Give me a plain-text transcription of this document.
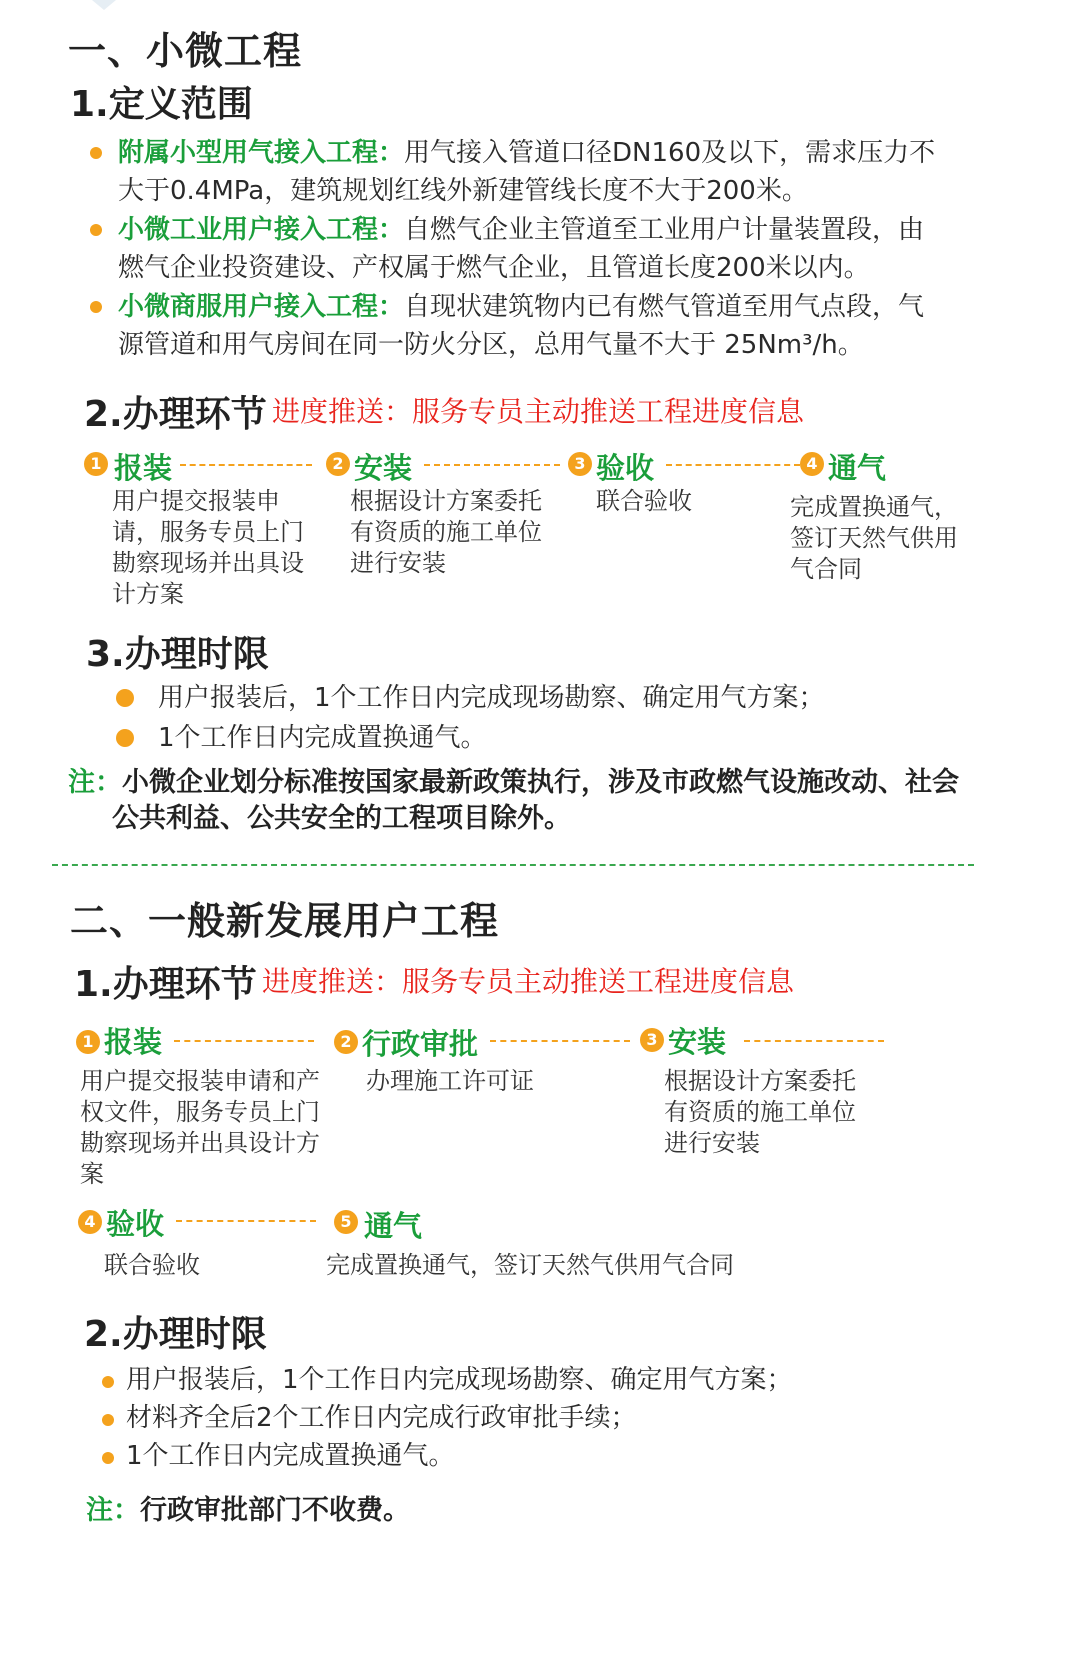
一、小微工程
1.定义范围
附属小型用气接入工程：用气接入管道口径DN160及以下，需求压力不
大于0.4MPa，建筑规划红线外新建管线长度不大于200米。
小微工业用户接入工程：自燃气企业主管道至工业用户计量装置段，由
燃气企业投资建设、产权属于燃气企业，且管道长度200米以内。
小微商服用户接入工程：自现状建筑物内已有燃气管道至用气点段，气
源管道和用气房间在同一防火分区，总用气量不大于 25Nm³/h。
2.办理环节 进度推送：服务专员主动推送工程进度信息
1 报装
用户提交报装申请，服务专员上门勘察现场并出具设计方案
2 安装
根据设计方案委托有资质的施工单位进行安装
3 验收
联合验收
4 通气
完成置换通气，签订天然气供用气合同
3.办理时限
用户报装后，1个工作日内完成现场勘察、确定用气方案；
1个工作日内完成置换通气。
注：小微企业划分标准按国家最新政策执行，涉及市政燃气设施改动、社会
公共利益、公共安全的工程项目除外。
二、一般新发展用户工程
1.办理环节 进度推送：服务专员主动推送工程进度信息
1 报装
用户提交报装申请和产权文件，服务专员上门勘察现场并出具设计方案
2 行政审批
办理施工许可证
3 安装
根据设计方案委托有资质的施工单位进行安装
4 验收
联合验收
5 通气
完成置换通气，签订天然气供用气合同
2.办理时限
用户报装后，1个工作日内完成现场勘察、确定用气方案；
材料齐全后2个工作日内完成行政审批手续；
1个工作日内完成置换通气。
注：行政审批部门不收费。
